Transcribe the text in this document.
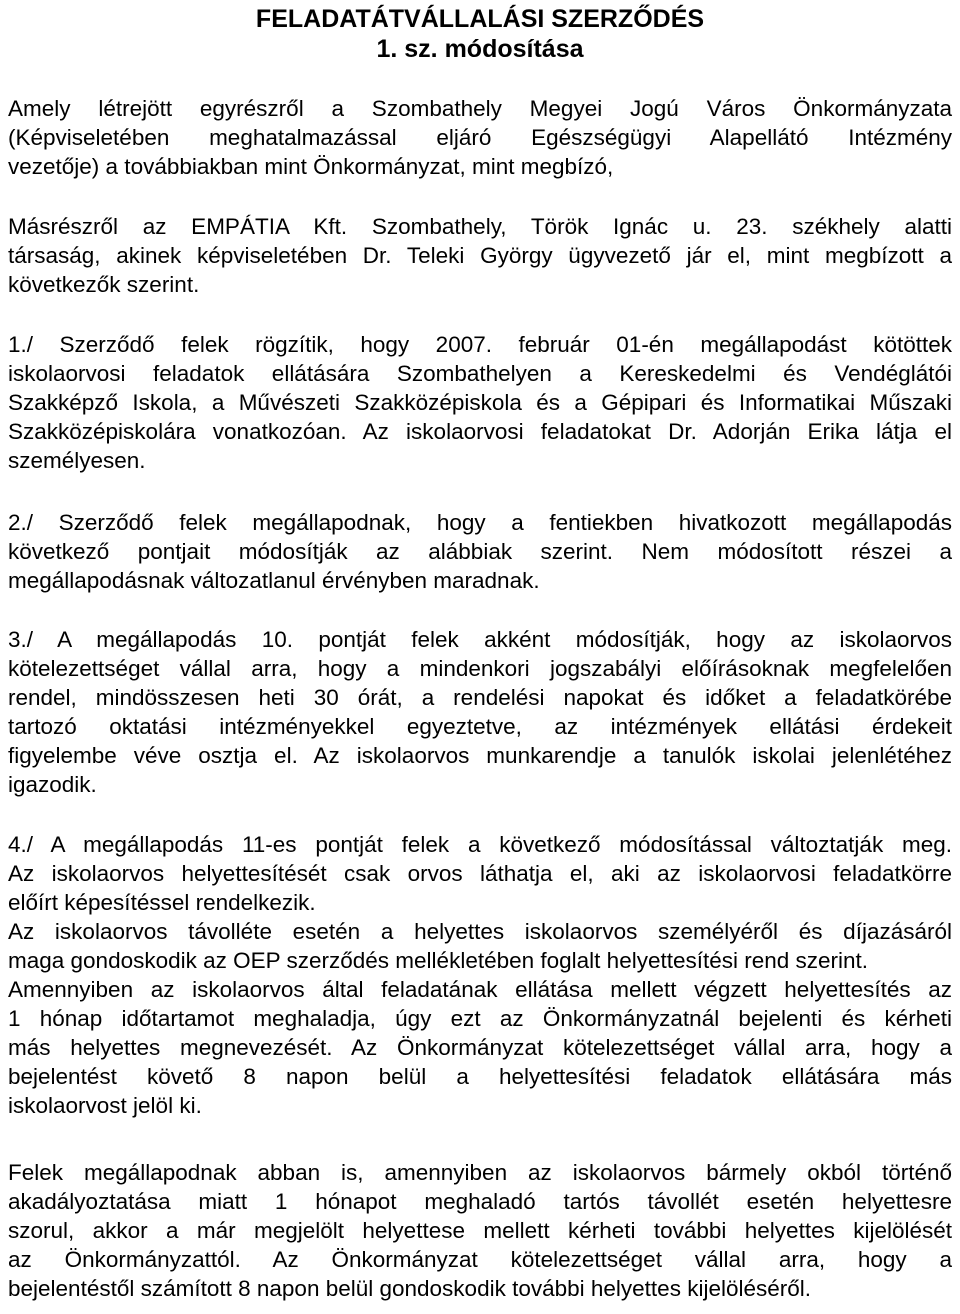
FELADATÁTVÁLLALÁSI SZERZŐDÉS
1. sz. módosítása
Amely létrejött egyrészről a Szombathely Megyei Jogú Város Önkormányzata
(Képviseletében meghatalmazással eljáró Egészségügyi Alapellátó Intézmény
vezetője) a továbbiakban mint Önkormányzat, mint megbízó,
Másrészről az EMPÁTIA Kft. Szombathely, Török Ignác u. 23. székhely alatti
társaság, akinek képviseletében Dr. Teleki György ügyvezető jár el, mint megbízott a
következők szerint.
1./ Szerződő felek rögzítik, hogy 2007. február 01-én megállapodást kötöttek
iskolaorvosi feladatok ellátására Szombathelyen a Kereskedelmi és Vendéglátói
Szakképző Iskola, a Művészeti Szakközépiskola és a Gépipari és Informatikai Műszaki
Szakközépiskolára vonatkozóan. Az iskolaorvosi feladatokat Dr. Adorján Erika látja el
személyesen.
2./ Szerződő felek megállapodnak, hogy a fentiekben hivatkozott megállapodás
következő pontjait módosítják az alábbiak szerint. Nem módosított részei a
megállapodásnak változatlanul érvényben maradnak.
3./ A megállapodás 10. pontját felek akként módosítják, hogy az iskolaorvos
kötelezettséget vállal arra, hogy a mindenkori jogszabályi előírásoknak megfelelően
rendel, mindösszesen heti 30 órát, a rendelési napokat és időket a feladatkörébe
tartozó oktatási intézményekkel egyeztetve, az intézmények ellátási érdekeit
figyelembe véve osztja el. Az iskolaorvos munkarendje a tanulók iskolai jelenlétéhez
igazodik.
4./ A megállapodás 11-es pontját felek a következő módosítással változtatják meg.
Az iskolaorvos helyettesítését csak orvos láthatja el, aki az iskolaorvosi feladatkörre
előírt képesítéssel rendelkezik.
Az iskolaorvos távolléte esetén a helyettes iskolaorvos személyéről és díjazásáról
maga gondoskodik az OEP szerződés mellékletében foglalt helyettesítési rend szerint.
Amennyiben az iskolaorvos által feladatának ellátása mellett végzett helyettesítés az
1 hónap időtartamot meghaladja, úgy ezt az Önkormányzatnál bejelenti és kérheti
más helyettes megnevezését. Az Önkormányzat kötelezettséget vállal arra, hogy a
bejelentést követő 8 napon belül a helyettesítési feladatok ellátására más
iskolaorvost jelöl ki.
Felek megállapodnak abban is, amennyiben az iskolaorvos bármely okból történő
akadályoztatása miatt 1 hónapot meghaladó tartós távollét esetén helyettesre
szorul, akkor a már megjelölt helyettese mellett kérheti további helyettes kijelölését
az Önkormányzattól. Az Önkormányzat kötelezettséget vállal arra, hogy a
bejelentéstől számított 8 napon belül gondoskodik további helyettes kijelöléséről.
